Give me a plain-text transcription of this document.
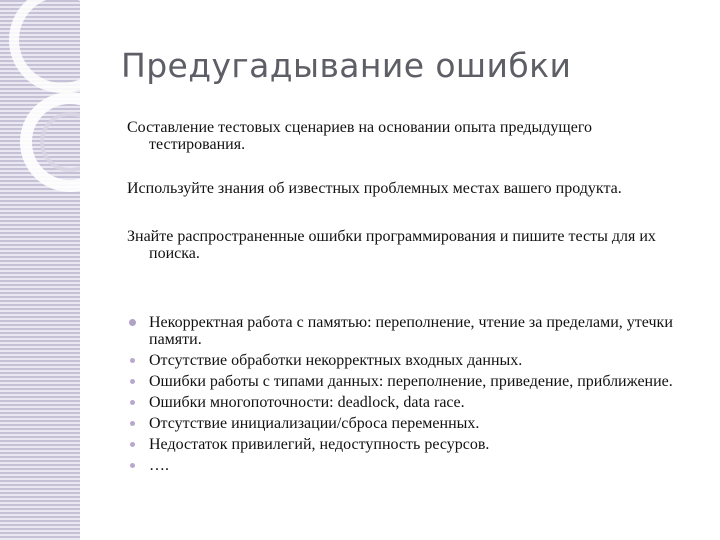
Предугадывание ошибки

Составление тестовых сценариев на основании опыта предыдущего тестирования.

Используйте знания об известных проблемных местах вашего продукта.

Знайте распространенные ошибки программирования и пишите тесты для их поиска.

Некорректная работа с памятью: переполнение, чтение за пределами, утечки памяти.
Отсутствие обработки некорректных входных данных.
Ошибки работы с типами данных: переполнение, приведение, приближение.
Ошибки многопоточности: deadlock, data race.
Отсутствие инициализации/сброса переменных.
Недостаток привилегий, недоступность ресурсов.
….
